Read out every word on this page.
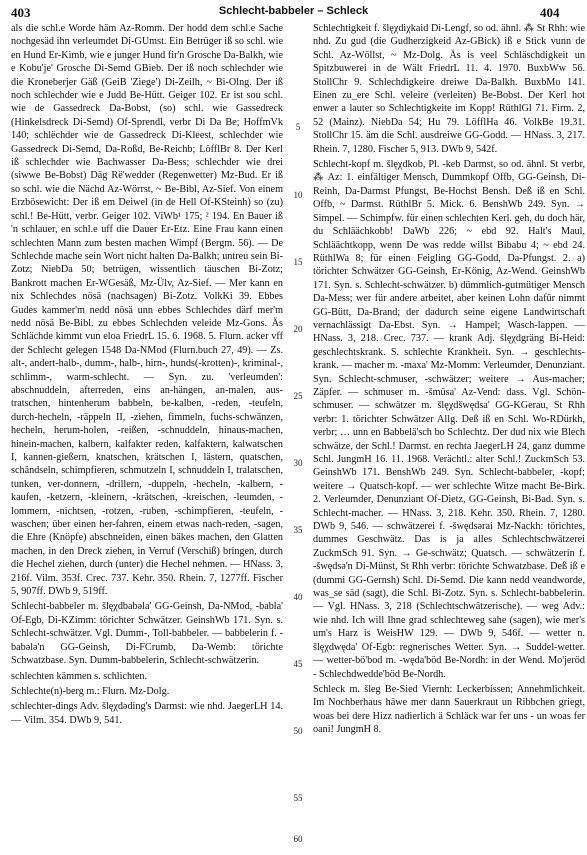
403	Schlecht-babbeler – Schleck	404

als die schl.e Worde häm Az-Romm. Der hodd dem schl.e Sache nochgesäd ihn verleumdet Di-GUmst. Ein Betrüger iß so schl. wie en Hund Er-Kimb, wie e junger Hund fir'n Grosche Da-Balkh, wie e Kobu'je' Grosche Di-Semd GBieb. Der iß noch schlechder wie die Kroneberjer Gäß (GeiB 'Ziege') Di-Zeilh, ~ Bi-Olng. Der iß noch schlechder wie e Judd Be-Hütt. Geiger 102. Er ist sou schl. wie de Gassedreck Da-Bobst, (so) schl. wie Gassedreck (Hinkelsdreck Di-Semd) Of-Sprendl, verbr Di Da Be; HoffmVk 140; schlëchder wie de Gassedreck Di-Kleest, schlechder wie Gassedreck Di-Semd, Da-Roßd, Be-Reichb; LöfflBr 8. Der Kerl iß schlechder wie Bachwasser Da-Bess; schlechder wie drei (siwwe Be-Bobst) Däg Rë'wedder (Regenwetter) Mz-Bud. Er iß so schl. wie die Nächd Az-Wörrst, ~ Be-Bibl, Az-Sief. Von einem Erzbösewicht: Der iß em Deiwel (in de Hell Of-KSteinh) so (zu) schl.! Be-Hütt, verbr. Geiger 102. ViWb¹ 175; ² 194. En Bauer iß 'n schlauer, en schl.e uff die Dauer Er-Etz. Eine Frau kann einen schlechten Mann zum besten machen Wimpf (Bergm. 56). — De Schlechde mache sein Wort nicht halten Da-Balkh; untreu sein Bi-Zotz; NiebDa 50; betrügen, wissentlich täuschen Bi-Zotz; Bankrott machen Er-WGesäß, Mz-Ülv, Az-Sief. — Mer kann en nix Schlechdes nösä (nachsagen) Bi-Zotz. VolkKi 39. Ebbes Gudes kammer'm nedd nösä unn ebbes Schlechdes därf mer'm nedd nösä Be-Bibl. zu ebbes Schlechden veleide Mz-Gons. Äs Schlächde kimmt vun eloa FriedrL 15. 6. 1968. 5. Flurn. acker vff der Schlecht gelegen 1548 Da-NMod (Flurn.buch 27, 49). — Zs. alt-, andert-halb-, dumm-, halb-, hirn-, hunds(-krotten)-, kriminal-, schlimm-, warm-schlecht. — Syn. zu. 'verleumden': abschnuddeln, afterreden, eins an-hängen, an-malen, aus-tratschen, hintenherum babbeln, be-kalben, -reden, -teufeln, durch-hecheln, -räppeln II, -ziehen, fimmeln, fuchs-schwänzen, hecheln, herum-holen, -reißen, -schnuddeln, hinaus-machen, hinein-machen, kalbern, kalfakter reden, kalfaktern, kalwatschen I, kannen-gießern, knatschen, krätschen I, lästern, quatschen, schändseln, schimpfieren, schmutzeln I, schnuddeln I, tralatschen, tunken, ver-donnern, -drillern, -duppeln, -hecheln, -kalbern, -kaufen, -ketzern, -kleinern, -krätschen, -kreischen, -leumden, -lommern, -nichtsen, -rotzen, -ruben, -schimpfieren, -teufeln, -waschen; über einen her-fahren, einem etwas nach-reden, -sagen, die Ehre (Knöpfe) abschneiden, einen bäkes machen, den Glatten machen, in den Dreck ziehen, in Verruf (Verschiß) bringen, durch die Hechel ziehen, durch (unter) die Hechel nehmen. — HNass. 3, 216f. Vilm. 353f. Crec. 737. Kehr. 350. Rhein. 7, 1277ff. Fischer 5, 907ff. DWb 9, 519ff.

Schlecht-babbeler m. šlęχdbabəla' GG-Geinsh, Da-NMod, -babla' Of-Egb, Di-KZimm: törichter Schwätzer. GeinshWb 171. Syn. s. Schlecht-schwätzer. Vgl. Dumm-, Toll-babbeler. — babbelerin f. -babələ'n GG-Geinsh, Di-FCrumb, Da-Wemb: törichte Schwatzbase. Syn. Dumm-babbelerin, Schlecht-schwätzerin.

schlechten kämmen s. schlichten.

Schlechte(n)-berg m.: Flurn. Mz-Dolg.

schlechter-dings Adv. šlęχdəding's Darmst: wie nhd. JaegerLH 14. — Vilm. 354. DWb 9, 541.

5
10
15
20
25
30
35
40
45
50
55
60

Schlechtigkeit f. šlęχdiχkaid Di-Lengf, so od. ähnl. ⁂ St Rhh: wie nhd. Zu gud (die Gudherzigkeid Az-GBick) iß e Stick vunn de Schl. Az-Wöllst, ~ Mz-Dolg. Äs is veel Schläschdigkeit un Spitzbuwerei in de Wält FriedrL 11. 4. 1970. BuxbWw 56. StollChr 9. Schlechdigkeire dreiwe Da-Balkh. BuxbMo 141. Einen zu_ere Schl. veleire (verleiten) Be-Bobst. Der Kerl hot enwer a lauter so Schlechtigkeite im Kopp! RüthlGl 71. Firm. 2, 52 (Mainz). NiebDa 54; Hu 79. LöfflHa 46. VolkBe 19.31. StollChr 15. äm die Schl. ausdreiwe GG-Godd. — HNass. 3, 217. Rhein. 7, 1280. Fischer 5, 913. DWb 9, 542f.

Schlecht-kopf m. šlęχdkob, Pl. -keb Darmst, so od. ähnl. St verbr, ⁂ Az: 1. einfältiger Mensch, Dummkopf Offb, GG-Geinsh, Di-Reinh, Da-Darmst Pfungst, Be-Hochst Bensh. Deß iß en Schl. Offb, ~ Darmst. RüthlBr 5. Mick. 6. BenshWb 249. Syn. → Simpel. — Schimpfw. für einen schlechten Kerl. geh, du doch här, du Schläächkobb! DaWb 226; ~ ebd 92. Halt's Maul, Schläächtkopp, wenn De was redde willst Bibabu 4; ~ ebd 24. RüthlWa 8; für einen Feigling GG-Godd, Da-Pfungst. 2. a) törichter Schwätzer GG-Geinsh, Er-König, Az-Wend. GeinshWb 171. Syn. s. Schlecht-schwätzer. b) dümmlich-gutmütiger Mensch Da-Mess; wer für andere arbeitet, aber keinen Lohn dafür nimmt GG-Bütt, Da-Brand; der dadurch seine eigene Landwirtschaft vernachlässigt Da-Ebst. Syn. → Hampel; Wasch-lappen. — HNass. 3, 218. Crec. 737. — krank Adj. šlęχdgräng Bi-Heid: geschlechtskrank. S. schlechte Krankheit. Syn. → geschlechts-krank. — macher m. -maxa' Mz-Momm: Verleumder, Denunziant. Syn. Schlecht-schmuser, -schwätzer; weitere → Aus-macher; Zäpfer. — schmuser m. -šmüsa' Az-Vend: dass. Vgl. Schön-schmuser. — schwätzer m. šlęχdšwędsa' GG-KGerau, St Rhh verbr: 1. törichter Schwätzer Allg. Deß iß en Schl. Wo-RDürkh, verbr; … unn en Babbelä'sch bo Schlechtz. Der dud nix wie Blech schwätze, der Schl.! Darmst. en rechta JaegerLH 24, ganz dumme Schl. JungmH 16. 11. 1968. Verächtl.: alter Schl.! ZuckmSch 53. GeinshWb 171. BenshWb 249. Syn. Schlecht-babbeler, -kopf; weitere → Quatsch-kopf. — wer schlechte Witze macht Be-Birk. 2. Verleumder, Denunziant Of-Dietz, GG-Geinsh, Bi-Bad. Syn. s. Schlecht-macher. — HNass. 3, 218. Kehr. 350. Rhein. 7, 1280. DWb 9, 546. — schwätzerei f. -šwędsərai Mz-Nackh: törichtes, dummes Geschwätz. Das is ja alles Schlechtschwätzerei ZuckmSch 91. Syn. → Ge-schwätz; Quatsch. — schwätzerin f. -šwędsə'n Di-Münst, St Rhh verbr: törichte Schwatzbase. Deß iß e (dummi GG-Gernsh) Schl. Di-Semd. Die kann nedd veandworde, was_se säd (sagt), die Schl. Bi-Zotz. Syn. s. Schlecht-babbelerin. — Vgl. HNass. 3, 218 (Schlechtschwätzerische). — weg Adv.: wie nhd. Ich will Ihne grad schlechteweg sahe (sagen), wie mer's um's Harz is WeisHW 129. — DWb 9, 546f. — wetter n. šlęχdwęda' Of-Egb: regnerisches Wetter. Syn. → Suddel-wetter. — wetter-bö'bod m. -węda'böd Be-Nordh: in der Wend. Mo'jeröd - Schlechdwedde'böd Be-Nordh.

Schleck m. šleg Be-Sied Viernh: Leckerbissen; Annehmlichkeit. Im Nochberhaus häwe mer dann Sauerkraut un Ribbchen griegt, woas bei dere Hizz nadierlich ä Schläck war fer uns - un woas fer oani! JungmH 8.
